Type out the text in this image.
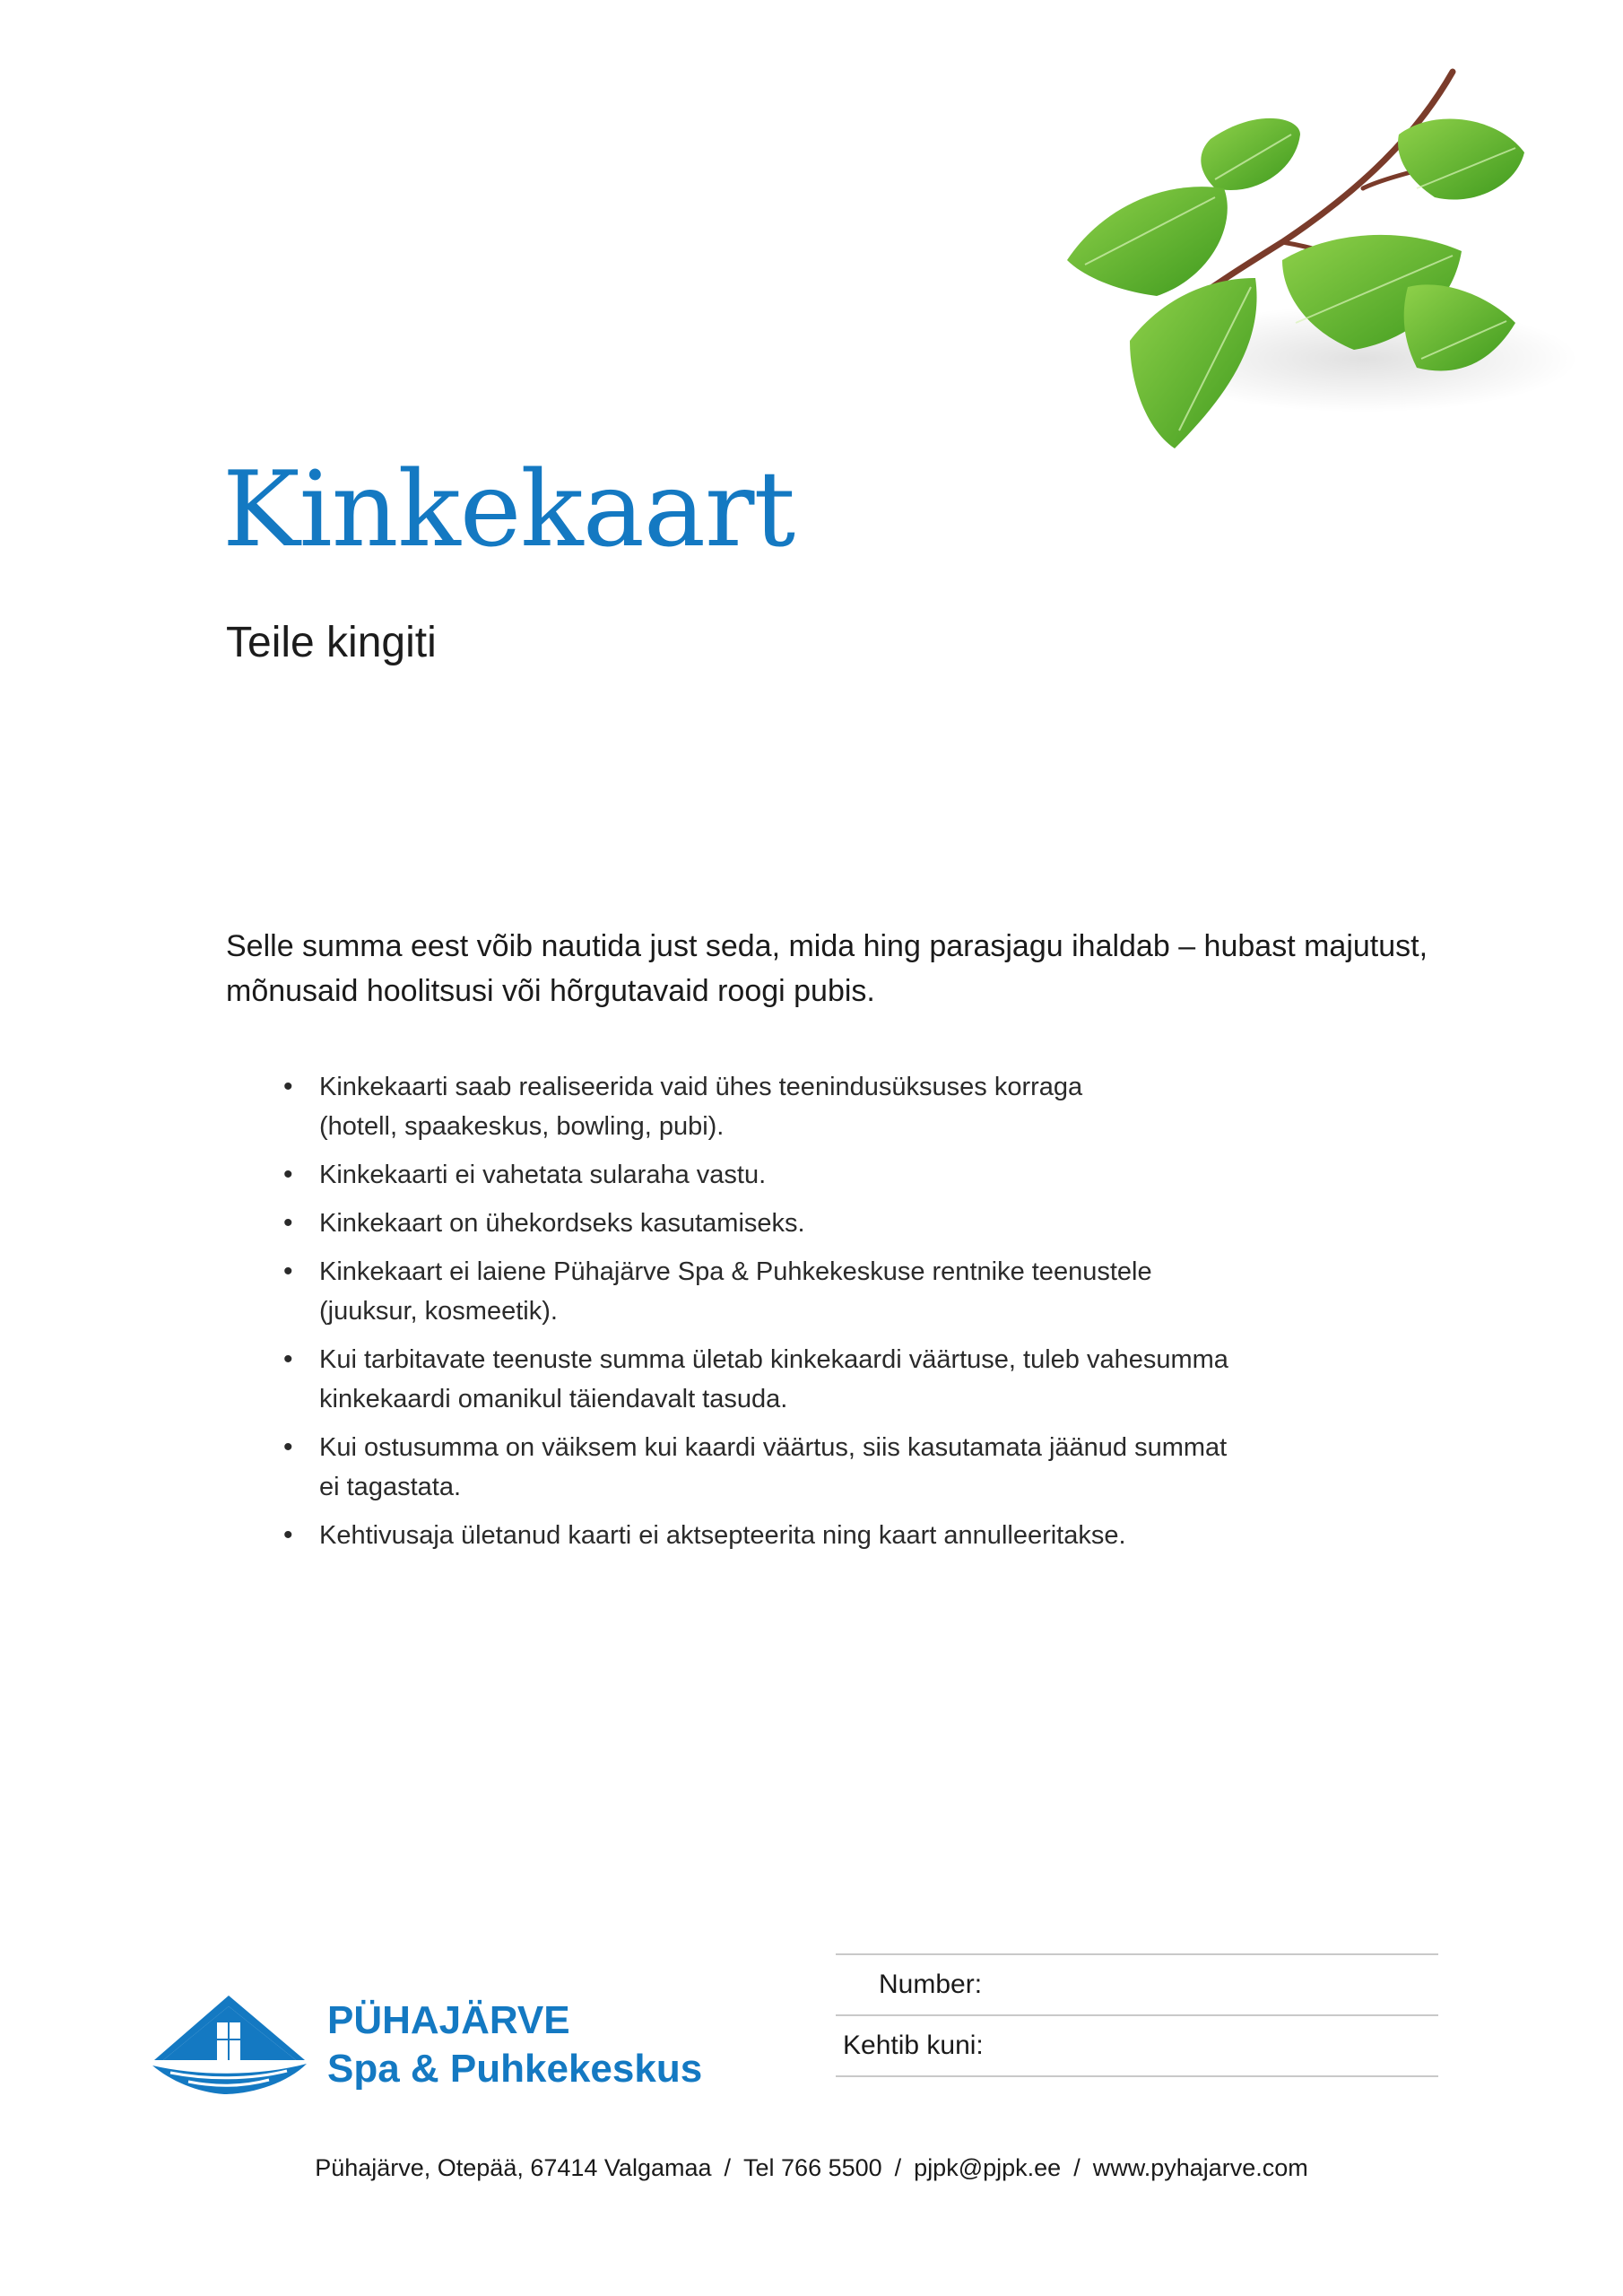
Kinkekaart
Teile kingiti

Selle summa eest võib nautida just seda, mida hing parasjagu ihaldab – hubast majutust, mõnusaid hoolitsusi või hõrgutavaid roogi pubis.

• Kinkekaarti saab realiseerida vaid ühes teenindusüksuses korraga
(hotell, spaakeskus, bowling, pubi).
• Kinkekaarti ei vahetata sularaha vastu.
• Kinkekaart on ühekordseks kasutamiseks.
• Kinkekaart ei laiene Pühajärve Spa & Puhkekeskuse rentnike teenustele
(juuksur, kosmeetik).
• Kui tarbitavate teenuste summa ületab kinkekaardi väärtuse, tuleb vahesumma
kinkekaardi omanikul täiendavalt tasuda.
• Kui ostusumma on väiksem kui kaardi väärtus, siis kasutamata jäänud summat
ei tagastata.
• Kehtivusaja ületanud kaarti ei aktsepteerita ning kaart annulleeritakse.
PÜHAJÄRVE
Spa & Puhkekeskus
Number:
Kehtib kuni:
Pühajärve, Otepää, 67414 Valgamaa / Tel 766 5500 / pjpk@pjpk.ee / www.pyhajarve.com
